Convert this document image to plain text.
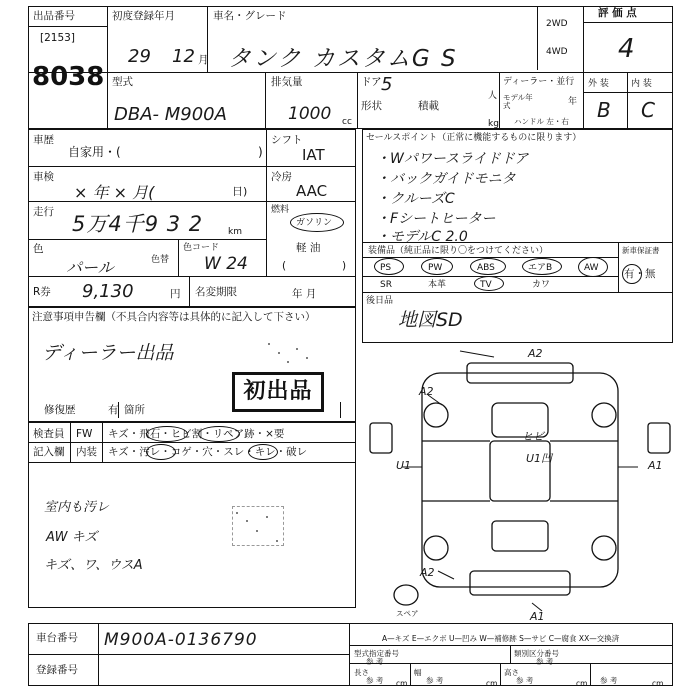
出品番号
[2153]
8038
初度登録年月
29 12 月
車名・グレード
タンク カスタムG S
2WD
4WD
評 価 点
4
外 装 内 装
B C
型式
DBA- M900A
排気量
1000 cc
ドア 5
形状	積載
人
kg
ディーラー・並行
モデル年式	年
ハンドル 左・右
車歴
自家用・(	)
車検
× 年 × 月(	日)
走行 5万4千9 3 2	km
色
パール	色替
色コード
W 24
シフト
IAT
冷房
AAC
燃料
ガソリン
軽 油
(	)
R券 9,130	円 名変期限	年 月
セールスポイント（正常に機能するものに限ります）
・Wパワースライドドア
・バックガイドモニタ
・クルーズC
・Fシートヒーター
・モデルC 2.0
装備品（純正品に限り〇をつけてください）	新車保証書
有・無
PS	PW	ABS	エアB	AW
SR	本革	TV	カワ
後日品
地図SD
注意事項申告欄（不具合内容等は具体的に記入して下さい）
ディーラー出品
初出品
修復歴	有 箇所
検査員
記入欄
FW キズ・飛石・ヒビ割・リペア跡・×要
内装 キズ・汚レ・コゲ・穴・スレ・キレ・破レ
室内も汚レ
AW キズ
キズ、ワ、ウスA
A2
A2
U1	A1
U1凹
ヒビ
A2
A1
スペア
車台番号 M900A-0136790
登録番号
A—キズ E—エクボ U—凹み W—補修跡 S—サビ C—腐食 XX—交換済
型式指定番号
参 考
類別区分番号
参 考
長さ
参 考 cm
幅
参 考	cm
高さ
参 考	cm 参 考	cm
